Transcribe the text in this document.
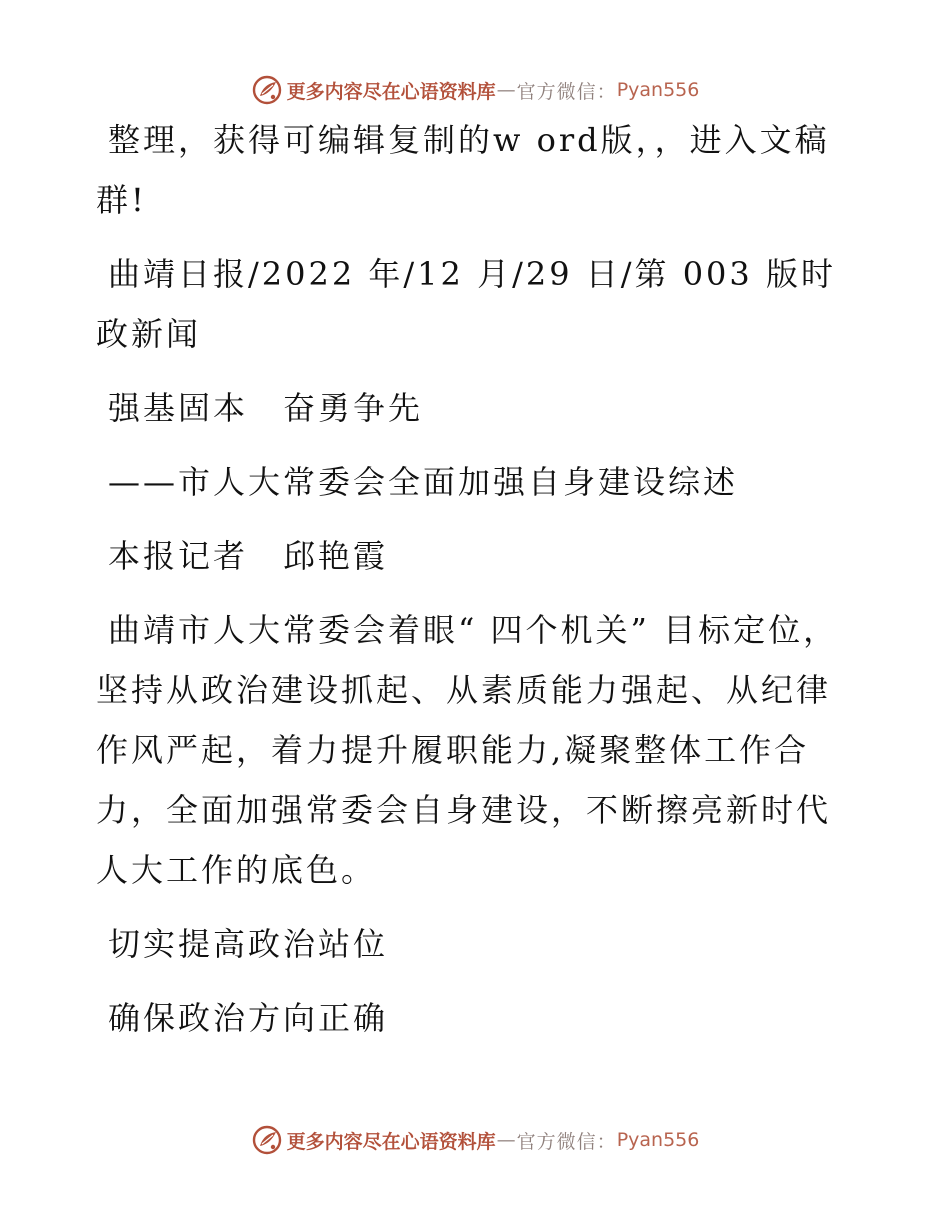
更多内容尽在心语资料库 — 官方微信： Pyan556

整理，获得可编辑复制的w ord版，，进入文稿群!

曲靖日报/2022 年/12 月/29 日/第 003 版时政新闻

强基固本　奋勇争先

——市人大常委会全面加强自身建设综述

本报记者　邱艳霞

曲靖市人大常委会着眼“ 四个机关” 目标定位，坚持从政治建设抓起、从素质能力强起、从纪律作风严起，着力提升履职能力,凝聚整体工作合力，全面加强常委会自身建设，不断擦亮新时代人大工作的底色。

切实提高政治站位

确保政治方向正确

更多内容尽在心语资料库 — 官方微信： Pyan556
